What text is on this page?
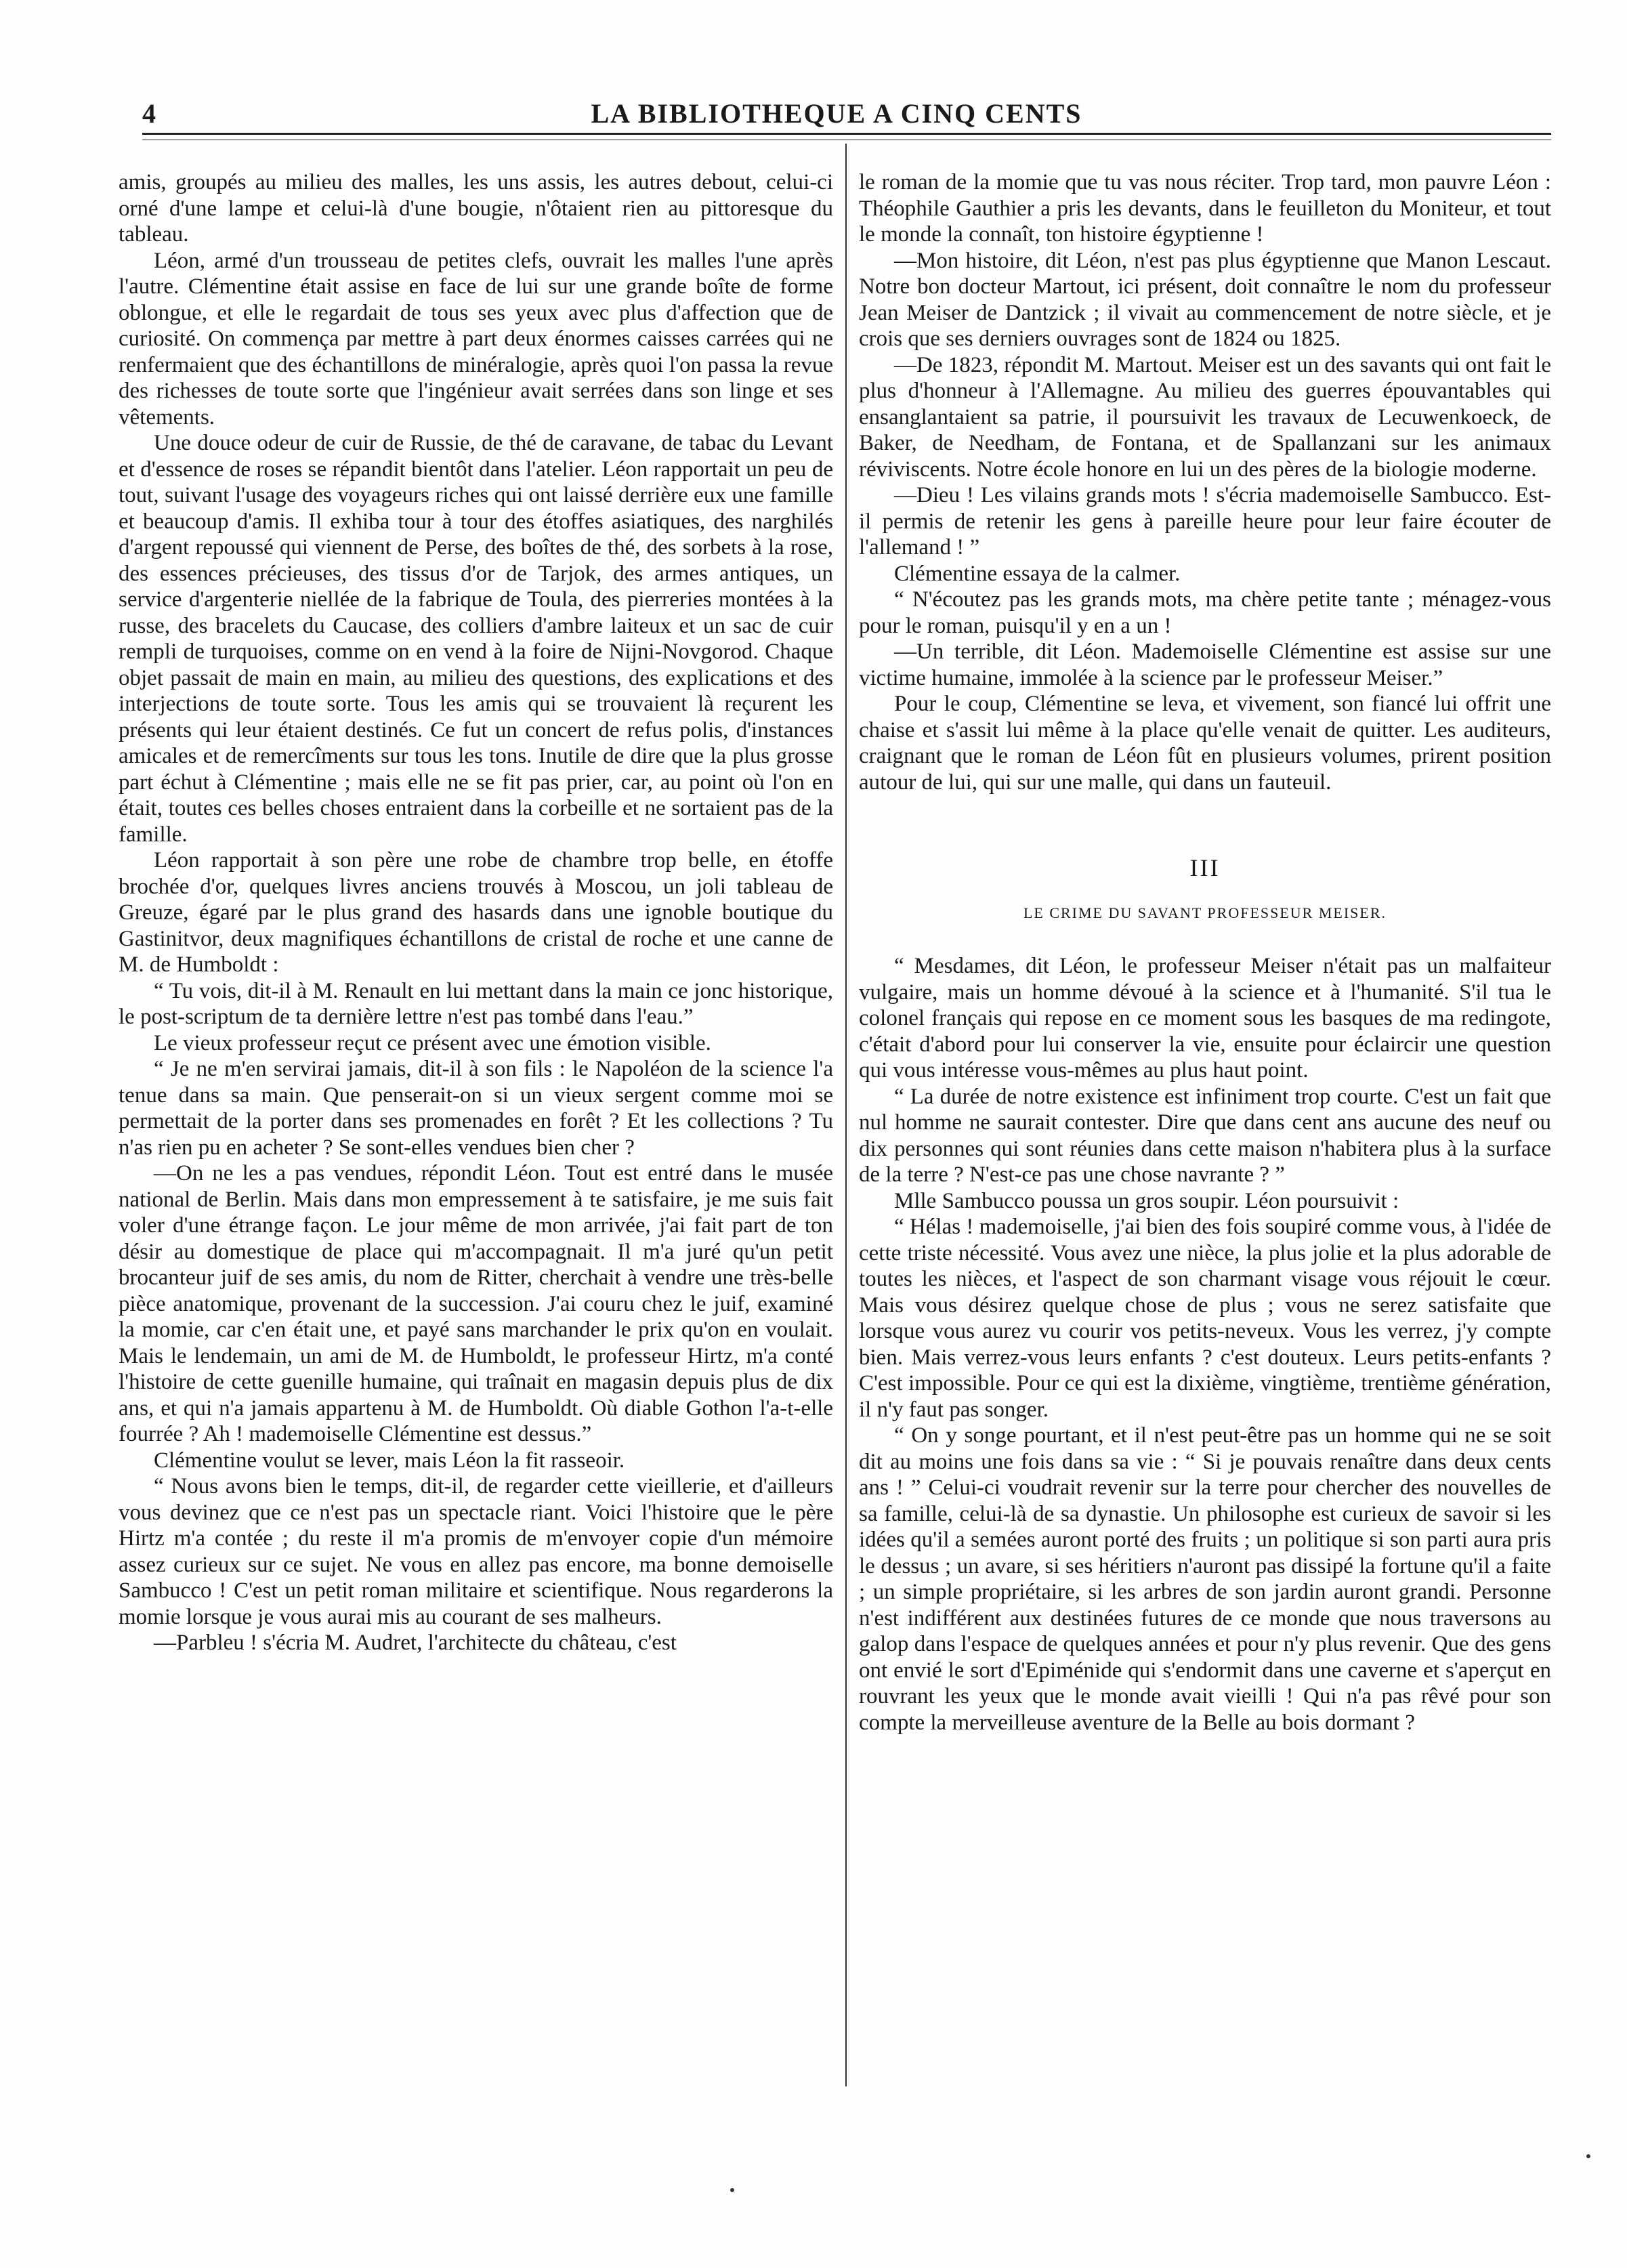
4	LA BIBLIOTHEQUE A CINQ CENTS

amis, groupés au milieu des malles, les uns assis, les autres debout, celui-ci orné d'une lampe et celui-là d'une bougie, n'ôtaient rien au pittoresque du tableau.

Léon, armé d'un trousseau de petites clefs, ouvrait les malles l'une après l'autre. Clémentine était assise en face de lui sur une grande boîte de forme oblongue, et elle le regardait de tous ses yeux avec plus d'affection que de curiosité. On commença par mettre à part deux énormes caisses carrées qui ne renfermaient que des échantillons de minéralogie, après quoi l'on passa la revue des richesses de toute sorte que l'ingénieur avait serrées dans son linge et ses vêtements.

Une douce odeur de cuir de Russie, de thé de caravane, de tabac du Levant et d'essence de roses se répandit bientôt dans l'atelier. Léon rapportait un peu de tout, suivant l'usage des voyageurs riches qui ont laissé derrière eux une famille et beaucoup d'amis. Il exhiba tour à tour des étoffes asiatiques, des narghilés d'argent repoussé qui viennent de Perse, des boîtes de thé, des sorbets à la rose, des essences précieuses, des tissus d'or de Tarjok, des armes antiques, un service d'argenterie niellée de la fabrique de Toula, des pierreries montées à la russe, des bracelets du Caucase, des colliers d'ambre laiteux et un sac de cuir rempli de turquoises, comme on en vend à la foire de Nijni-Novgorod. Chaque objet passait de main en main, au milieu des questions, des explications et des interjections de toute sorte. Tous les amis qui se trouvaient là reçurent les présents qui leur étaient destinés. Ce fut un concert de refus polis, d'instances amicales et de remercîments sur tous les tons. Inutile de dire que la plus grosse part échut à Clémentine ; mais elle ne se fit pas prier, car, au point où l'on en était, toutes ces belles choses entraient dans la corbeille et ne sortaient pas de la famille.

Léon rapportait à son père une robe de chambre trop belle, en étoffe brochée d'or, quelques livres anciens trouvés à Moscou, un joli tableau de Greuze, égaré par le plus grand des hasards dans une ignoble boutique du Gastinitvor, deux magnifiques échantillons de cristal de roche et une canne de M. de Humboldt :

“ Tu vois, dit-il à M. Renault en lui mettant dans la main ce jonc historique, le post-scriptum de ta dernière lettre n'est pas tombé dans l'eau.”

Le vieux professeur reçut ce présent avec une émotion visible.

“ Je ne m'en servirai jamais, dit-il à son fils : le Napoléon de la science l'a tenue dans sa main. Que penserait-on si un vieux sergent comme moi se permettait de la porter dans ses promenades en forêt ? Et les collections ? Tu n'as rien pu en acheter ? Se sont-elles vendues bien cher ?

—On ne les a pas vendues, répondit Léon. Tout est entré dans le musée national de Berlin. Mais dans mon empressement à te satisfaire, je me suis fait voler d'une étrange façon. Le jour même de mon arrivée, j'ai fait part de ton désir au domestique de place qui m'accompagnait. Il m'a juré qu'un petit brocanteur juif de ses amis, du nom de Ritter, cherchait à vendre une très-belle pièce anatomique, provenant de la succession. J'ai couru chez le juif, examiné la momie, car c'en était une, et payé sans marchander le prix qu'on en voulait. Mais le lendemain, un ami de M. de Humboldt, le professeur Hirtz, m'a conté l'histoire de cette guenille humaine, qui traînait en magasin depuis plus de dix ans, et qui n'a jamais appartenu à M. de Humboldt. Où diable Gothon l'a-t-elle fourrée ? Ah ! mademoiselle Clémentine est dessus.”

Clémentine voulut se lever, mais Léon la fit rasseoir.

“ Nous avons bien le temps, dit-il, de regarder cette vieillerie, et d'ailleurs vous devinez que ce n'est pas un spectacle riant. Voici l'histoire que le père Hirtz m'a contée ; du reste il m'a promis de m'envoyer copie d'un mémoire assez curieux sur ce sujet. Ne vous en allez pas encore, ma bonne demoiselle Sambucco ! C'est un petit roman militaire et scientifique. Nous regarderons la momie lorsque je vous aurai mis au courant de ses malheurs.

—Parbleu ! s'écria M. Audret, l'architecte du château, c'est

le roman de la momie que tu vas nous réciter. Trop tard, mon pauvre Léon : Théophile Gauthier a pris les devants, dans le feuilleton du Moniteur, et tout le monde la connaît, ton histoire égyptienne !

—Mon histoire, dit Léon, n'est pas plus égyptienne que Manon Lescaut. Notre bon docteur Martout, ici présent, doit connaître le nom du professeur Jean Meiser de Dantzick ; il vivait au commencement de notre siècle, et je crois que ses derniers ouvrages sont de 1824 ou 1825.

—De 1823, répondit M. Martout. Meiser est un des savants qui ont fait le plus d'honneur à l'Allemagne. Au milieu des guerres épouvantables qui ensanglantaient sa patrie, il poursuivit les travaux de Lecuwenkoeck, de Baker, de Needham, de Fontana, et de Spallanzani sur les animaux réviviscents. Notre école honore en lui un des pères de la biologie moderne.

—Dieu ! Les vilains grands mots ! s'écria mademoiselle Sambucco. Est-il permis de retenir les gens à pareille heure pour leur faire écouter de l'allemand ! ”

Clémentine essaya de la calmer.

“ N'écoutez pas les grands mots, ma chère petite tante ; ménagez-vous pour le roman, puisqu'il y en a un !

—Un terrible, dit Léon. Mademoiselle Clémentine est assise sur une victime humaine, immolée à la science par le professeur Meiser.”

Pour le coup, Clémentine se leva, et vivement, son fiancé lui offrit une chaise et s'assit lui même à la place qu'elle venait de quitter. Les auditeurs, craignant que le roman de Léon fût en plusieurs volumes, prirent position autour de lui, qui sur une malle, qui dans un fauteuil.

III
LE CRIME DU SAVANT PROFESSEUR MEISER.

“ Mesdames, dit Léon, le professeur Meiser n'était pas un malfaiteur vulgaire, mais un homme dévoué à la science et à l'humanité. S'il tua le colonel français qui repose en ce moment sous les basques de ma redingote, c'était d'abord pour lui conserver la vie, ensuite pour éclaircir une question qui vous intéresse vous-mêmes au plus haut point.

“ La durée de notre existence est infiniment trop courte. C'est un fait que nul homme ne saurait contester. Dire que dans cent ans aucune des neuf ou dix personnes qui sont réunies dans cette maison n'habitera plus à la surface de la terre ? N'est-ce pas une chose navrante ? ”

Mlle Sambucco poussa un gros soupir. Léon poursuivit :

“ Hélas ! mademoiselle, j'ai bien des fois soupiré comme vous, à l'idée de cette triste nécessité. Vous avez une nièce, la plus jolie et la plus adorable de toutes les nièces, et l'aspect de son charmant visage vous réjouit le cœur. Mais vous désirez quelque chose de plus ; vous ne serez satisfaite que lorsque vous aurez vu courir vos petits-neveux. Vous les verrez, j'y compte bien. Mais verrez-vous leurs enfants ? c'est douteux. Leurs petits-enfants ? C'est impossible. Pour ce qui est la dixième, vingtième, trentième génération, il n'y faut pas songer.

“ On y songe pourtant, et il n'est peut-être pas un homme qui ne se soit dit au moins une fois dans sa vie : “ Si je pouvais renaître dans deux cents ans ! ” Celui-ci voudrait revenir sur la terre pour chercher des nouvelles de sa famille, celui-là de sa dynastie. Un philosophe est curieux de savoir si les idées qu'il a semées auront porté des fruits ; un politique si son parti aura pris le dessus ; un avare, si ses héritiers n'auront pas dissipé la fortune qu'il a faite ; un simple propriétaire, si les arbres de son jardin auront grandi. Personne n'est indifférent aux destinées futures de ce monde que nous traversons au galop dans l'espace de quelques années et pour n'y plus revenir. Que des gens ont envié le sort d'Epiménide qui s'endormit dans une caverne et s'aperçut en rouvrant les yeux que le monde avait vieilli ! Qui n'a pas rêvé pour son compte la merveilleuse aventure de la Belle au bois dormant ?
